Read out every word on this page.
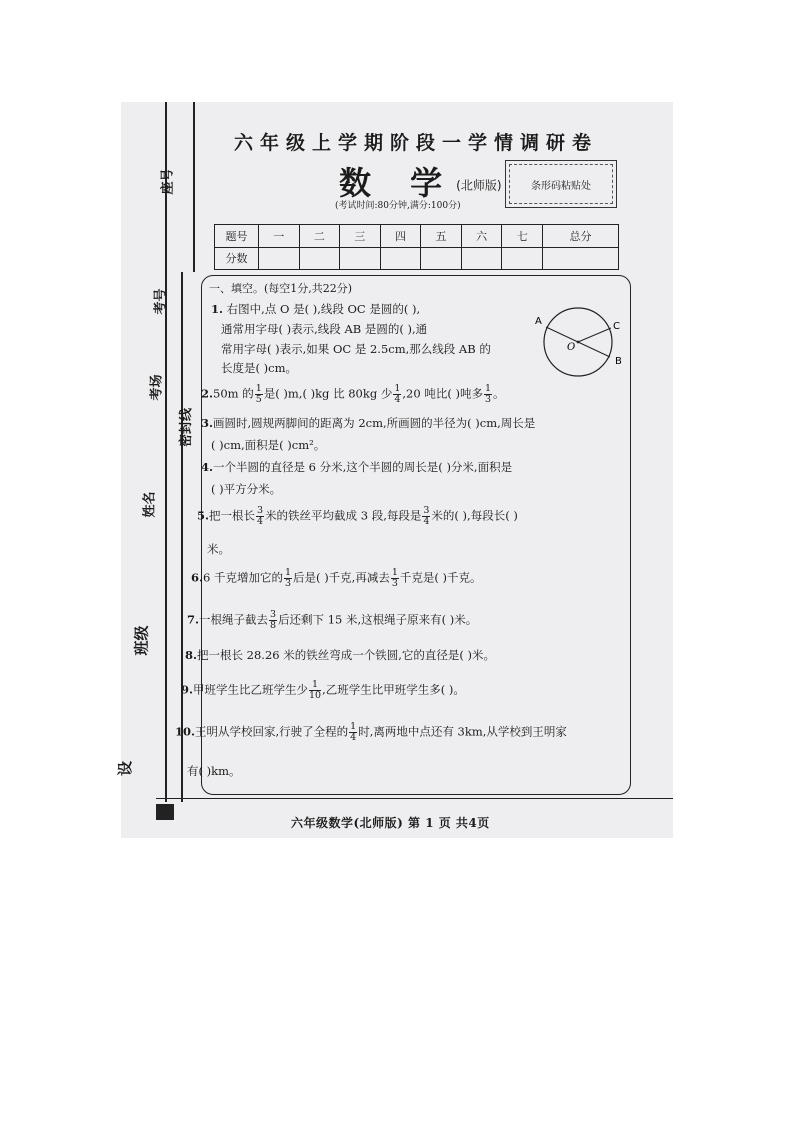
座号
考号
考场
密封线
姓名
班级
设
六年级上学期阶段一学情调研卷
数 学(北师版)
(考试时间:80分钟,满分:100分)
条形码粘贴处
题号	一	二	三	四	五	六	七	总分
分数								
一、填空。(每空1分,共22分)
1. 右图中,点 O 是( ),线段 OC 是圆的( ),
通常用字母( )表示,线段 AB 是圆的( ),通
常用字母( )表示,如果 OC 是 2.5cm,那么线段 AB 的
长度是( )cm。
A	C
B
O
2.50m 的 $\frac{1}{5}$ 是( )m,( )kg 比 80kg 少 $\frac{1}{4} ,20$ 吨比( )吨多 $\frac{1}{3}$ 。
3.画圆时,圆规两脚间的距离为 2cm,所画圆的半径为( )cm,周长是
( )cm,面积是( )cm²。
4.一个半圆的直径是 6 分米,这个半圆的周长是( )分米,面积是
( )平方分米。
5.把一根长 $\frac{3}{4}$ 米的铁丝平均截成 3 段,每段是 $\frac{3}{4}$ 米的( ),每段长( )
米。
6.6 千克增加它的 $\frac{1}{3}$ 后是( )千克,再减去 $\frac{1}{3}$ 千克是( )千克。
7.一根绳子截去 $\frac{3}{8}$ 后还剩下 15 米,这根绳子原来有( )米。
8.把一根长 28.26 米的铁丝弯成一个铁圆,它的直径是( )米。
9.甲班学生比乙班学生少 $\frac{1}{10}$ ,乙班学生比甲班学生多( )。
10.王明从学校回家,行驶了全程的 $\frac{1}{4}$ 时,离两地中点还有 3km,从学校到王明家
有( )km。
六年级数学(北师版) 第 1 页 共4页
